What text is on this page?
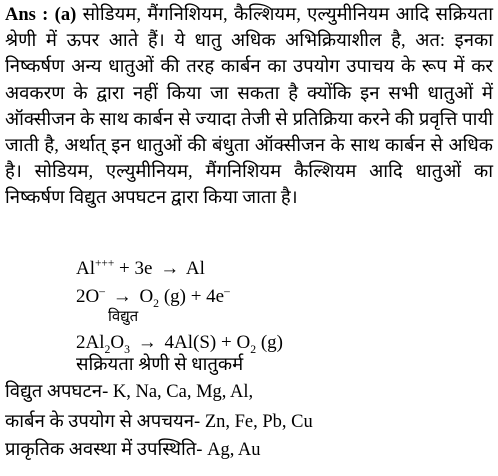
Ans : (a) सोडियम, मैंगनिशियम, कैल्शियम, एल्युमीनियम आदि सक्रियता श्रेणी में ऊपर आते हैं। ये धातु अधिक अभिक्रियाशील है, अत: इनका निष्कर्षण अन्य धातुओं की तरह कार्बन का उपयोग उपाचय के रूप में कर अवकरण के द्वारा नहीं किया जा सकता है क्योंकि इन सभी धातुओं में ऑक्सीजन के साथ कार्बन से ज्यादा तेजी से प्रतिक्रिया करने की प्रवृत्ति पायी जाती है, अर्थात् इन धातुओं की बंधुता ऑक्सीजन के साथ कार्बन से अधिक है। सोडियम, एल्युमीनियम, मैंगनिशियम कैल्शियम आदि धातुओं का निष्कर्षण विद्युत अपघटन द्वारा किया जाता है।
Al+++ + 3e → Al
$2O^- \to O_2$ (g) + 4e–
विद्युत
$2Al_2O_3 \to 4Al(S) + O_2$ (g)
सक्रियता श्रेणी से धातुकर्म
विद्युत अपघटन- K, Na, Ca, Mg, Al,
कार्बन के उपयोग से अपचयन- Zn, Fe, Pb, Cu
प्राकृतिक अवस्था में उपस्थिति- Ag, Au
